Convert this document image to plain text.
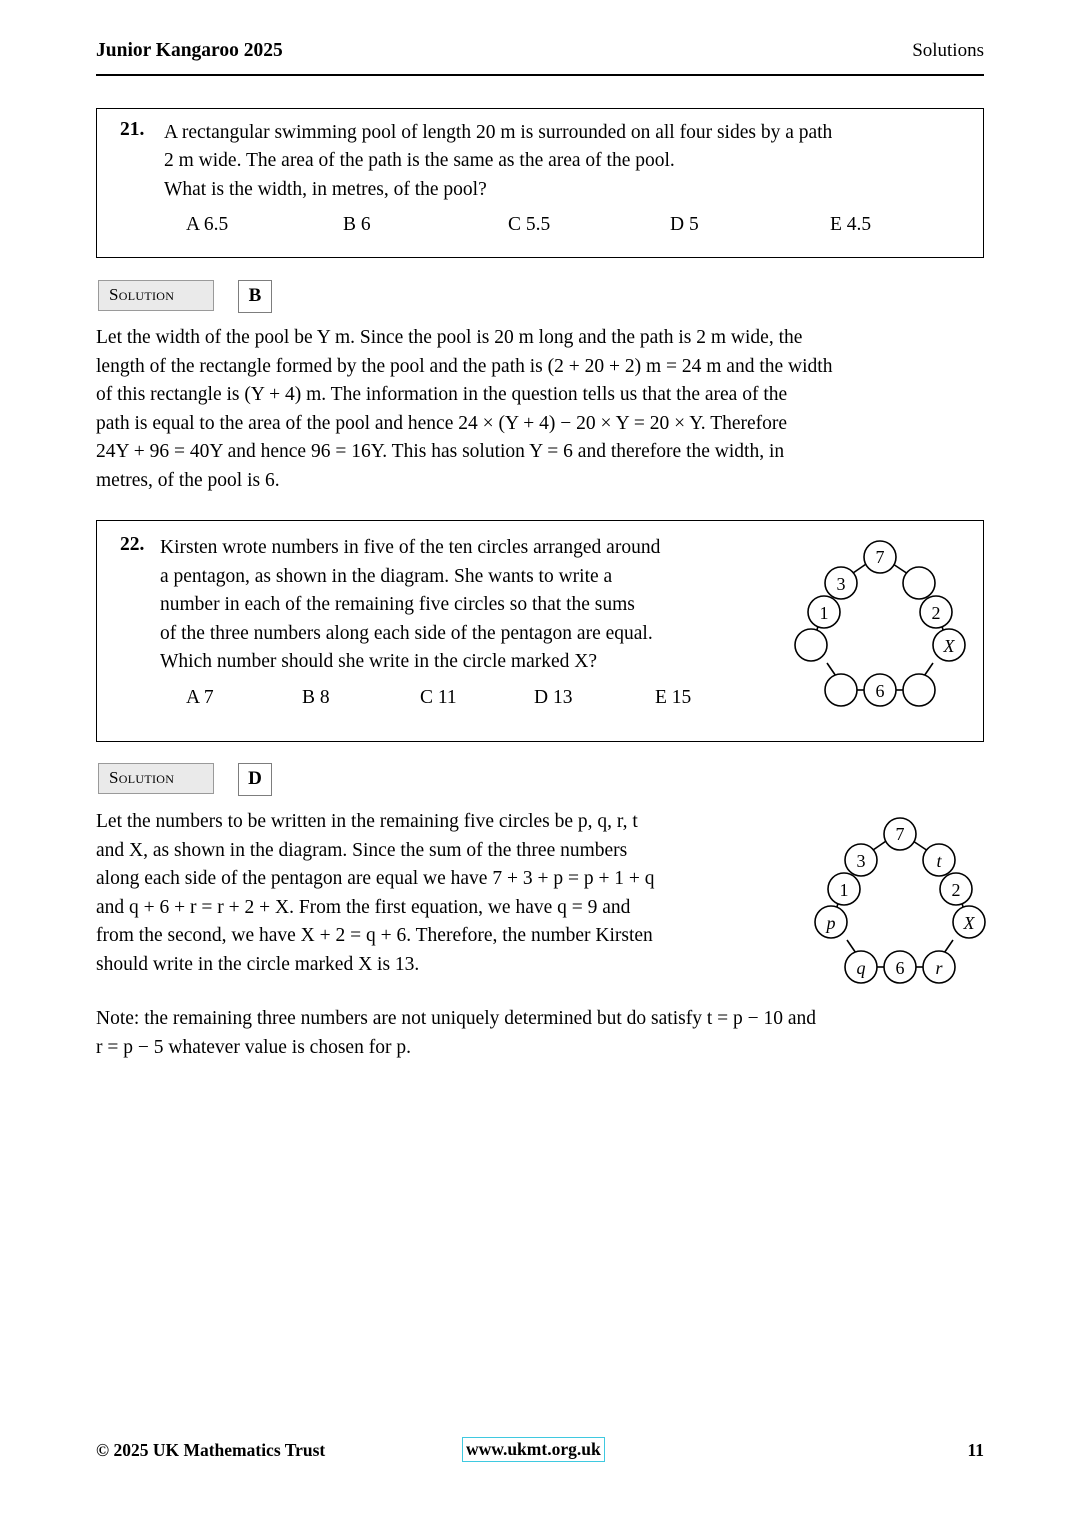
Junior Kangaroo 2025	Solutions
21. A rectangular swimming pool of length 20 m is surrounded on all four sides by a path
2 m wide. The area of the path is the same as the area of the pool.
What is the width, in metres, of the pool?
A 6.5	B 6	C 5.5	D 5	E 4.5
Solution	B
Let the width of the pool be Y m. Since the pool is 20 m long and the path is 2 m wide, the
length of the rectangle formed by the pool and the path is (2 + 20 + 2) m = 24 m and the width
of this rectangle is (Y + 4) m. The information in the question tells us that the area of the
path is equal to the area of the pool and hence 24 × (Y + 4) − 20 × Y = 20 × Y. Therefore
24Y + 96 = 40Y and hence 96 = 16Y. This has solution Y = 6 and therefore the width, in
metres, of the pool is 6.
22. Kirsten wrote numbers in five of the ten circles arranged around
a pentagon, as shown in the diagram. She wants to write a
number in each of the remaining five circles so that the sums
of the three numbers along each side of the pentagon are equal.
Which number should she write in the circle marked X?
A 7	B 8	C 11	D 13	E 15
7
3
X
1	2
6
Solution	D
Let the numbers to be written in the remaining five circles be p, q, r, t
and X, as shown in the diagram. Since the sum of the three numbers
along each side of the pentagon are equal we have 7 + 3 + p = p + 1 + q
and q + 6 + r = r + 2 + X. From the first equation, we have q = 9 and
from the second, we have X + 2 = q + 6. Therefore, the number Kirsten
should write in the circle marked X is 13.
7
3	t
p	X
1	2
q 6 r
Note: the remaining three numbers are not uniquely determined but do satisfy t = p − 10 and
r = p − 5 whatever value is chosen for p.
© 2025 UK Mathematics Trust	www.ukmt.org.uk	11
